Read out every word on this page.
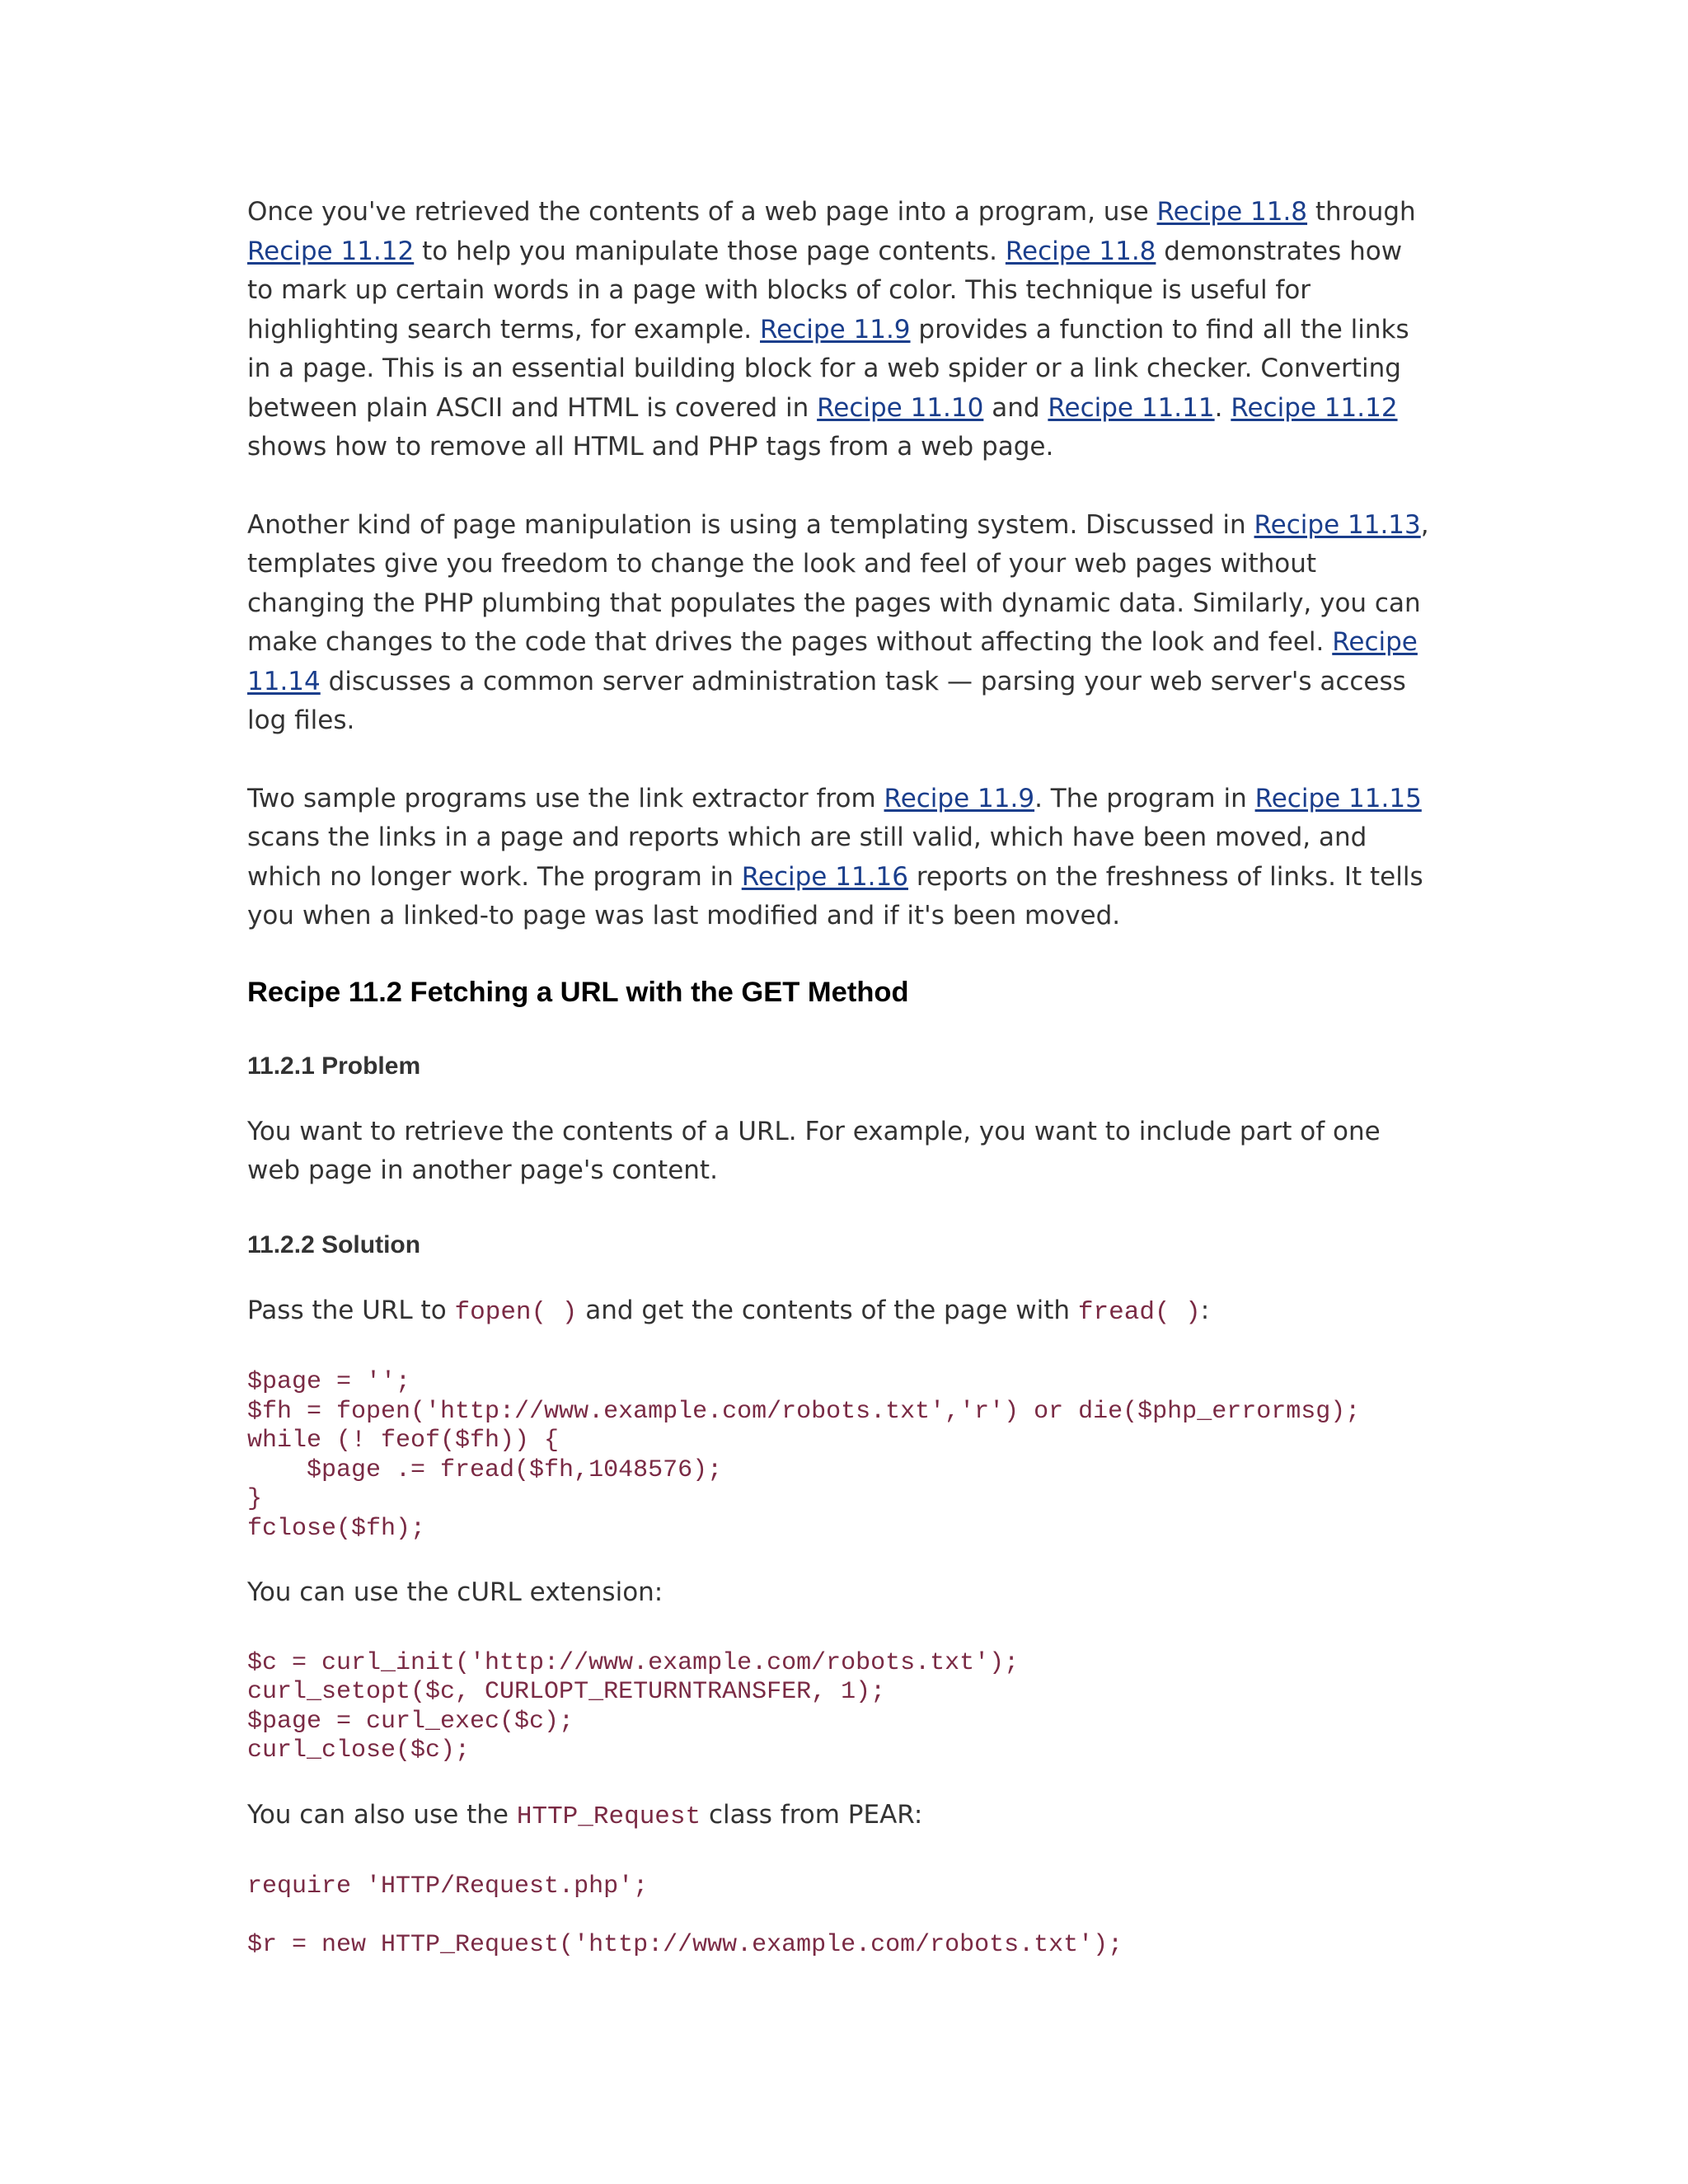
Once you've retrieved the contents of a web page into a program, use Recipe 11.8 through Recipe 11.12 to help you manipulate those page contents. Recipe 11.8 demonstrates how to mark up certain words in a page with blocks of color. This technique is useful for highlighting search terms, for example. Recipe 11.9 provides a function to find all the links in a page. This is an essential building block for a web spider or a link checker. Converting between plain ASCII and HTML is covered in Recipe 11.10 and Recipe 11.11. Recipe 11.12 shows how to remove all HTML and PHP tags from a web page.

Another kind of page manipulation is using a templating system. Discussed in Recipe 11.13, templates give you freedom to change the look and feel of your web pages without changing the PHP plumbing that populates the pages with dynamic data. Similarly, you can make changes to the code that drives the pages without affecting the look and feel. Recipe 11.14 discusses a common server administration task — parsing your web server's access log files.

Two sample programs use the link extractor from Recipe 11.9. The program in Recipe 11.15 scans the links in a page and reports which are still valid, which have been moved, and which no longer work. The program in Recipe 11.16 reports on the freshness of links. It tells you when a linked-to page was last modified and if it's been moved.

Recipe 11.2 Fetching a URL with the GET Method
11.2.1 Problem

You want to retrieve the contents of a URL. For example, you want to include part of one web page in another page's content.

11.2.2 Solution

Pass the URL to fopen( ) and get the contents of the page with fread( ):

$page = '';
$fh = fopen('http://www.example.com/robots.txt','r') or die($php_errormsg);
while (! feof($fh)) {
$page .= fread($fh,1048576);
}
fclose($fh);

You can use the cURL extension:

$c = curl_init('http://www.example.com/robots.txt');
curl_setopt($c, CURLOPT_RETURNTRANSFER, 1);
$page = curl_exec($c);
curl_close($c);

You can also use the HTTP_Request class from PEAR:

require 'HTTP/Request.php';

$r = new HTTP_Request('http://www.example.com/robots.txt');
